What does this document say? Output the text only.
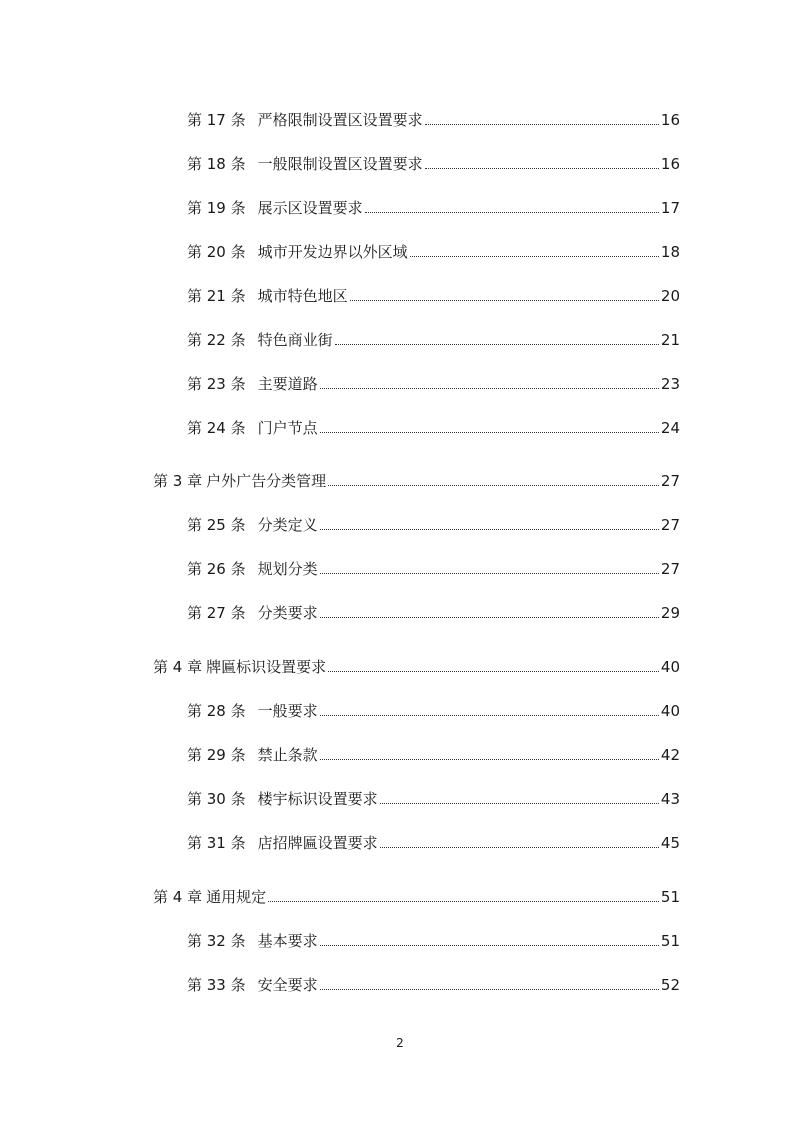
第 17 条 严格限制设置区设置要求	16
第 18 条 一般限制设置区设置要求	16
第 19 条 展示区设置要求	17
第 20 条 城市开发边界以外区域	18
第 21 条 城市特色地区	20
第 22 条 特色商业街	21
第 23 条 主要道路	23
第 24 条 门户节点	24
第 3 章 户外广告分类管理	27
第 25 条 分类定义	27
第 26 条 规划分类	27
第 27 条 分类要求	29
第 4 章 牌匾标识设置要求	40
第 28 条 一般要求	40
第 29 条 禁止条款	42
第 30 条 楼宇标识设置要求	43
第 31 条 店招牌匾设置要求	45
第 4 章 通用规定	51
第 32 条 基本要求	51
第 33 条 安全要求	52
2
